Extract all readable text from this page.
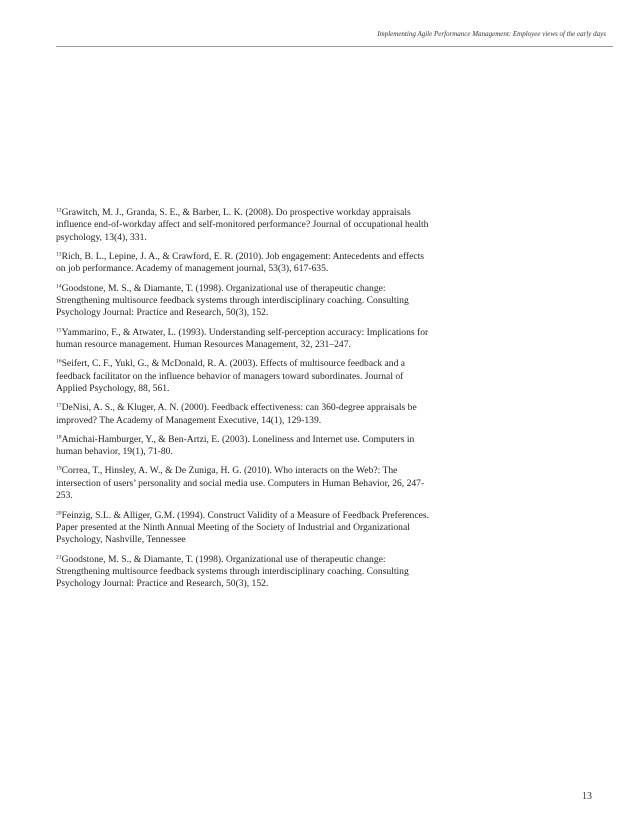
Implementing Agile Performance Management: Employee views of the early days

$^{12}$Grawitch, M. J., Granda, S. E., & Barber, L. K. (2008). Do prospective workday appraisals influence end-of-workday affect and self-monitored performance? Journal of occupational health psychology, 13(4), 331.

$^{13}$Rich, B. L., Lepine, J. A., & Crawford, E. R. (2010). Job engagement: Antecedents and effects on job performance. Academy of management journal, 53(3), 617-635.

$^{14}$Goodstone, M. S., & Diamante, T. (1998). Organizational use of therapeutic change: Strengthening multisource feedback systems through interdisciplinary coaching. Consulting Psychology Journal: Practice and Research, 50(3), 152.

$^{15}$Yammarino, F., & Atwater, L. (1993). Understanding self-perception accuracy: Implications for human resource management. Human Resources Management, 32, 231–247.

$^{16}$Seifert, C. F., Yukl, G., & McDonald, R. A. (2003). Effects of multisource feedback and a feedback facilitator on the influence behavior of managers toward subordinates. Journal of Applied Psychology, 88, 561.

$^{17}$DeNisi, A. S., & Kluger, A. N. (2000). Feedback effectiveness: can 360-degree appraisals be improved? The Academy of Management Executive, 14(1), 129-139.

$^{18}$Amichai-Hamburger, Y., & Ben-Artzi, E. (2003). Loneliness and Internet use. Computers in human behavior, 19(1), 71-80.

$^{19}$Correa, T., Hinsley, A. W., & De Zuniga, H. G. (2010). Who interacts on the Web?: The intersection of users’ personality and social media use. Computers in Human Behavior, 26, 247-253.

$^{20}$Feinzig, S.L. & Alliger, G.M. (1994). Construct Validity of a Measure of Feedback Preferences. Paper presented at the Ninth Annual Meeting of the Society of Industrial and Organizational Psychology, Nashville, Tennessee

$^{21}$Goodstone, M. S., & Diamante, T. (1998). Organizational use of therapeutic change: Strengthening multisource feedback systems through interdisciplinary coaching. Consulting Psychology Journal: Practice and Research, 50(3), 152.

13
